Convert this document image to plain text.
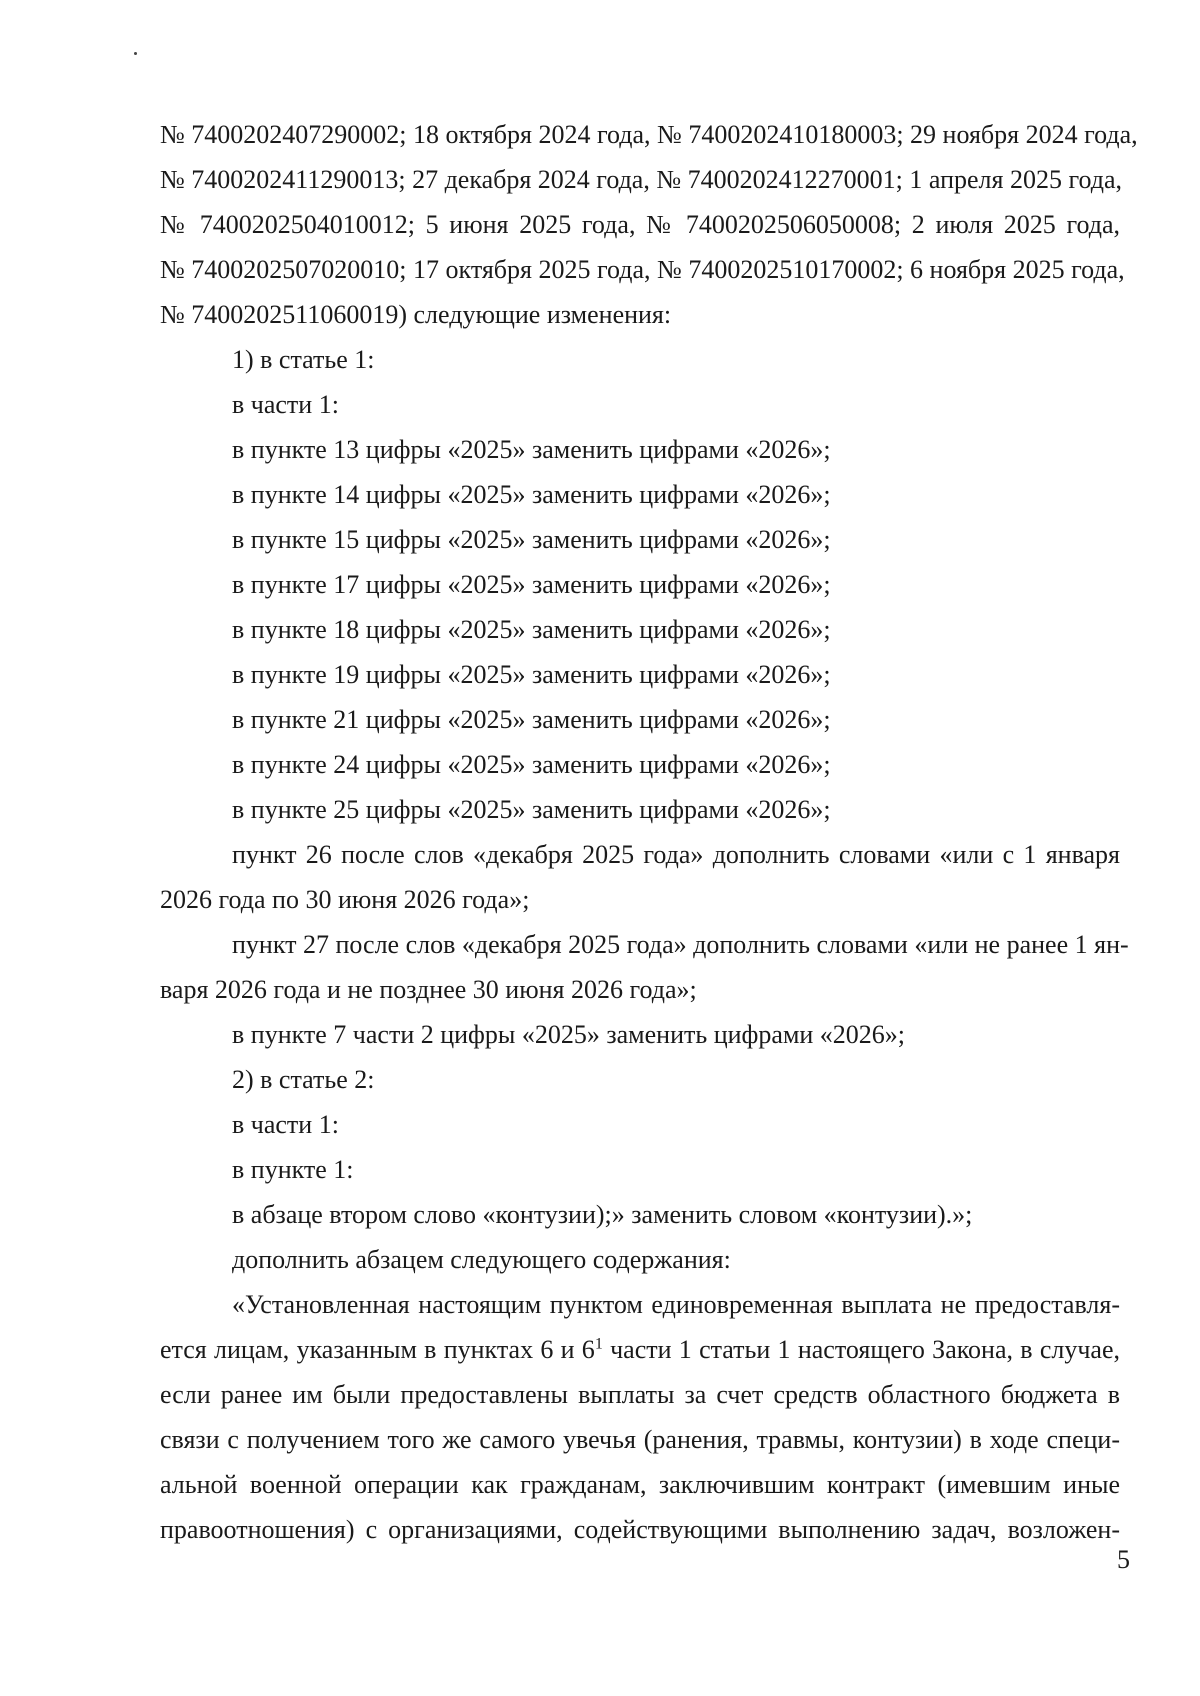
№ 7400202407290002; 18 октября 2024 года, № 7400202410180003; 29 ноября 2024 года,
№ 7400202411290013; 27 декабря 2024 года, № 7400202412270001; 1 апреля 2025 года,
№ 7400202504010012; 5 июня 2025 года, № 7400202506050008; 2 июля 2025 года,
№ 7400202507020010; 17 октября 2025 года, № 7400202510170002; 6 ноября 2025 года,
№ 7400202511060019) следующие изменения:
1) в статье 1:
в части 1:
в пункте 13 цифры «2025» заменить цифрами «2026»;
в пункте 14 цифры «2025» заменить цифрами «2026»;
в пункте 15 цифры «2025» заменить цифрами «2026»;
в пункте 17 цифры «2025» заменить цифрами «2026»;
в пункте 18 цифры «2025» заменить цифрами «2026»;
в пункте 19 цифры «2025» заменить цифрами «2026»;
в пункте 21 цифры «2025» заменить цифрами «2026»;
в пункте 24 цифры «2025» заменить цифрами «2026»;
в пункте 25 цифры «2025» заменить цифрами «2026»;
пункт 26 после слов «декабря 2025 года» дополнить словами «или с 1 января
2026 года по 30 июня 2026 года»;
пункт 27 после слов «декабря 2025 года» дополнить словами «или не ранее 1 ян-
варя 2026 года и не позднее 30 июня 2026 года»;
в пункте 7 части 2 цифры «2025» заменить цифрами «2026»;
2) в статье 2:
в части 1:
в пункте 1:
в абзаце втором слово «контузии);» заменить словом «контузии).»;
дополнить абзацем следующего содержания:
«Установленная настоящим пунктом единовременная выплата не предоставля-
ется лицам, указанным в пунктах 6 и $6^1$ части 1 статьи 1 настоящего Закона, в случае,
если ранее им были предоставлены выплаты за счет средств областного бюджета в
связи с получением того же самого увечья (ранения, травмы, контузии) в ходе специ-
альной военной операции как гражданам, заключившим контракт (имевшим иные
правоотношения) с организациями, содействующими выполнению задач, возложен-
5
